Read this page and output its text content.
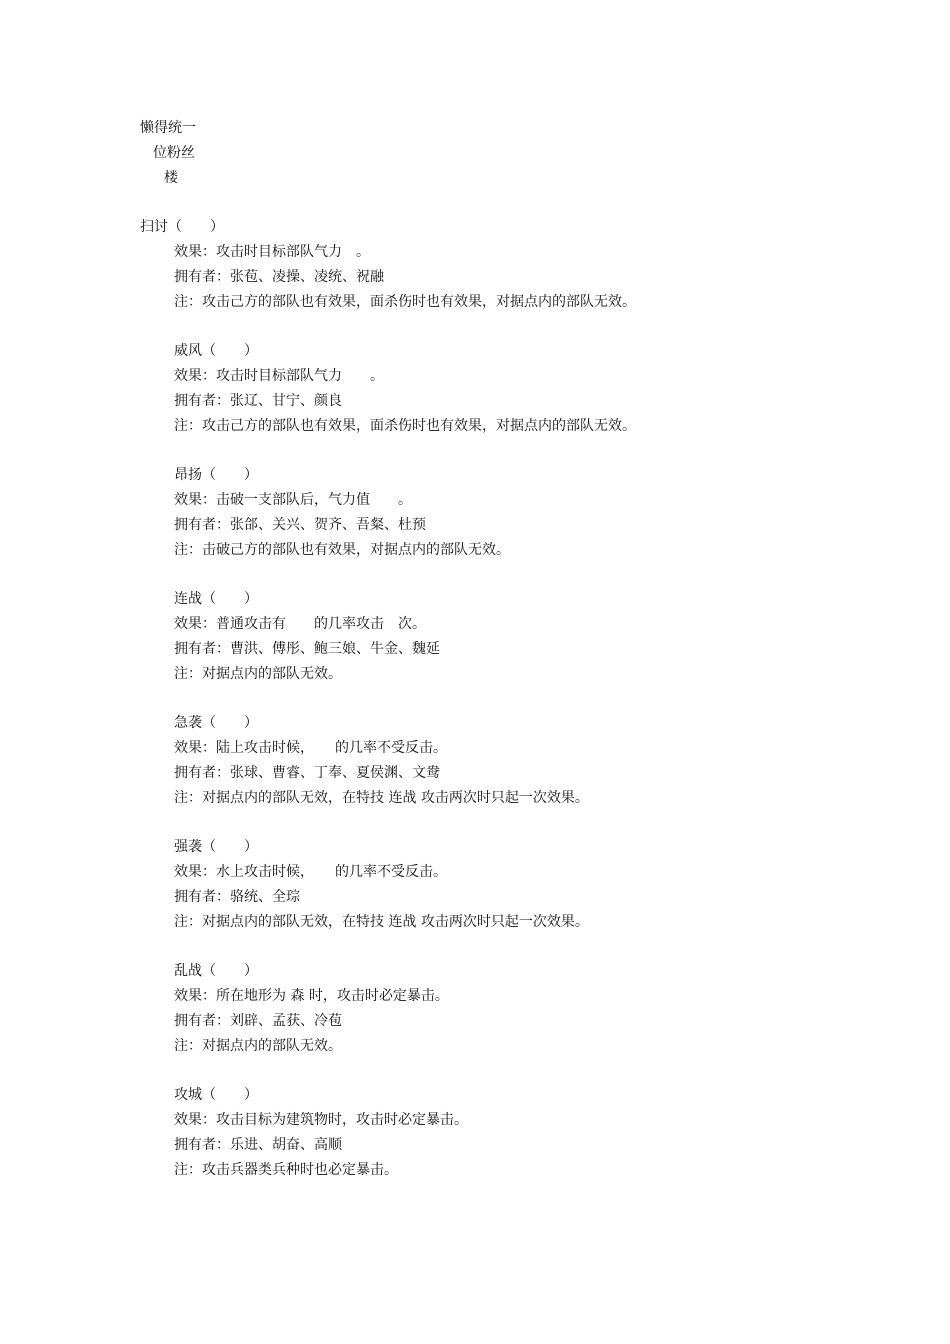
懒得统一
位粉丝
楼
扫讨（　　）
效果：攻击时目标部队气力　。
拥有者：张苞、凌操、凌统、祝融
注：攻击己方的部队也有效果，面杀伤时也有效果，对据点内的部队无效。
威风（　　）
效果：攻击时目标部队气力　　。
拥有者：张辽、甘宁、颜良
注：攻击己方的部队也有效果，面杀伤时也有效果，对据点内的部队无效。
昂扬（　　）
效果：击破一支部队后，气力值　　。
拥有者：张郃、关兴、贺齐、吾粲、杜预
注：击破己方的部队也有效果，对据点内的部队无效。
连战（　　）
效果：普通攻击有　　的几率攻击　次。
拥有者：曹洪、傅彤、鲍三娘、牛金、魏延
注：对据点内的部队无效。
急袭（　　）
效果：陆上攻击时候，　　的几率不受反击。
拥有者：张球、曹睿、丁奉、夏侯渊、文鸯
注：对据点内的部队无效，在特技 连战 攻击两次时只起一次效果。
强袭（　　）
效果：水上攻击时候，　　的几率不受反击。
拥有者：骆统、全琮
注：对据点内的部队无效，在特技 连战 攻击两次时只起一次效果。
乱战（　　）
效果：所在地形为 森 时，攻击时必定暴击。
拥有者：刘辟、孟获、冷苞
注：对据点内的部队无效。
攻城（　　）
效果：攻击目标为建筑物时，攻击时必定暴击。
拥有者：乐进、胡奋、高顺
注：攻击兵器类兵种时也必定暴击。
